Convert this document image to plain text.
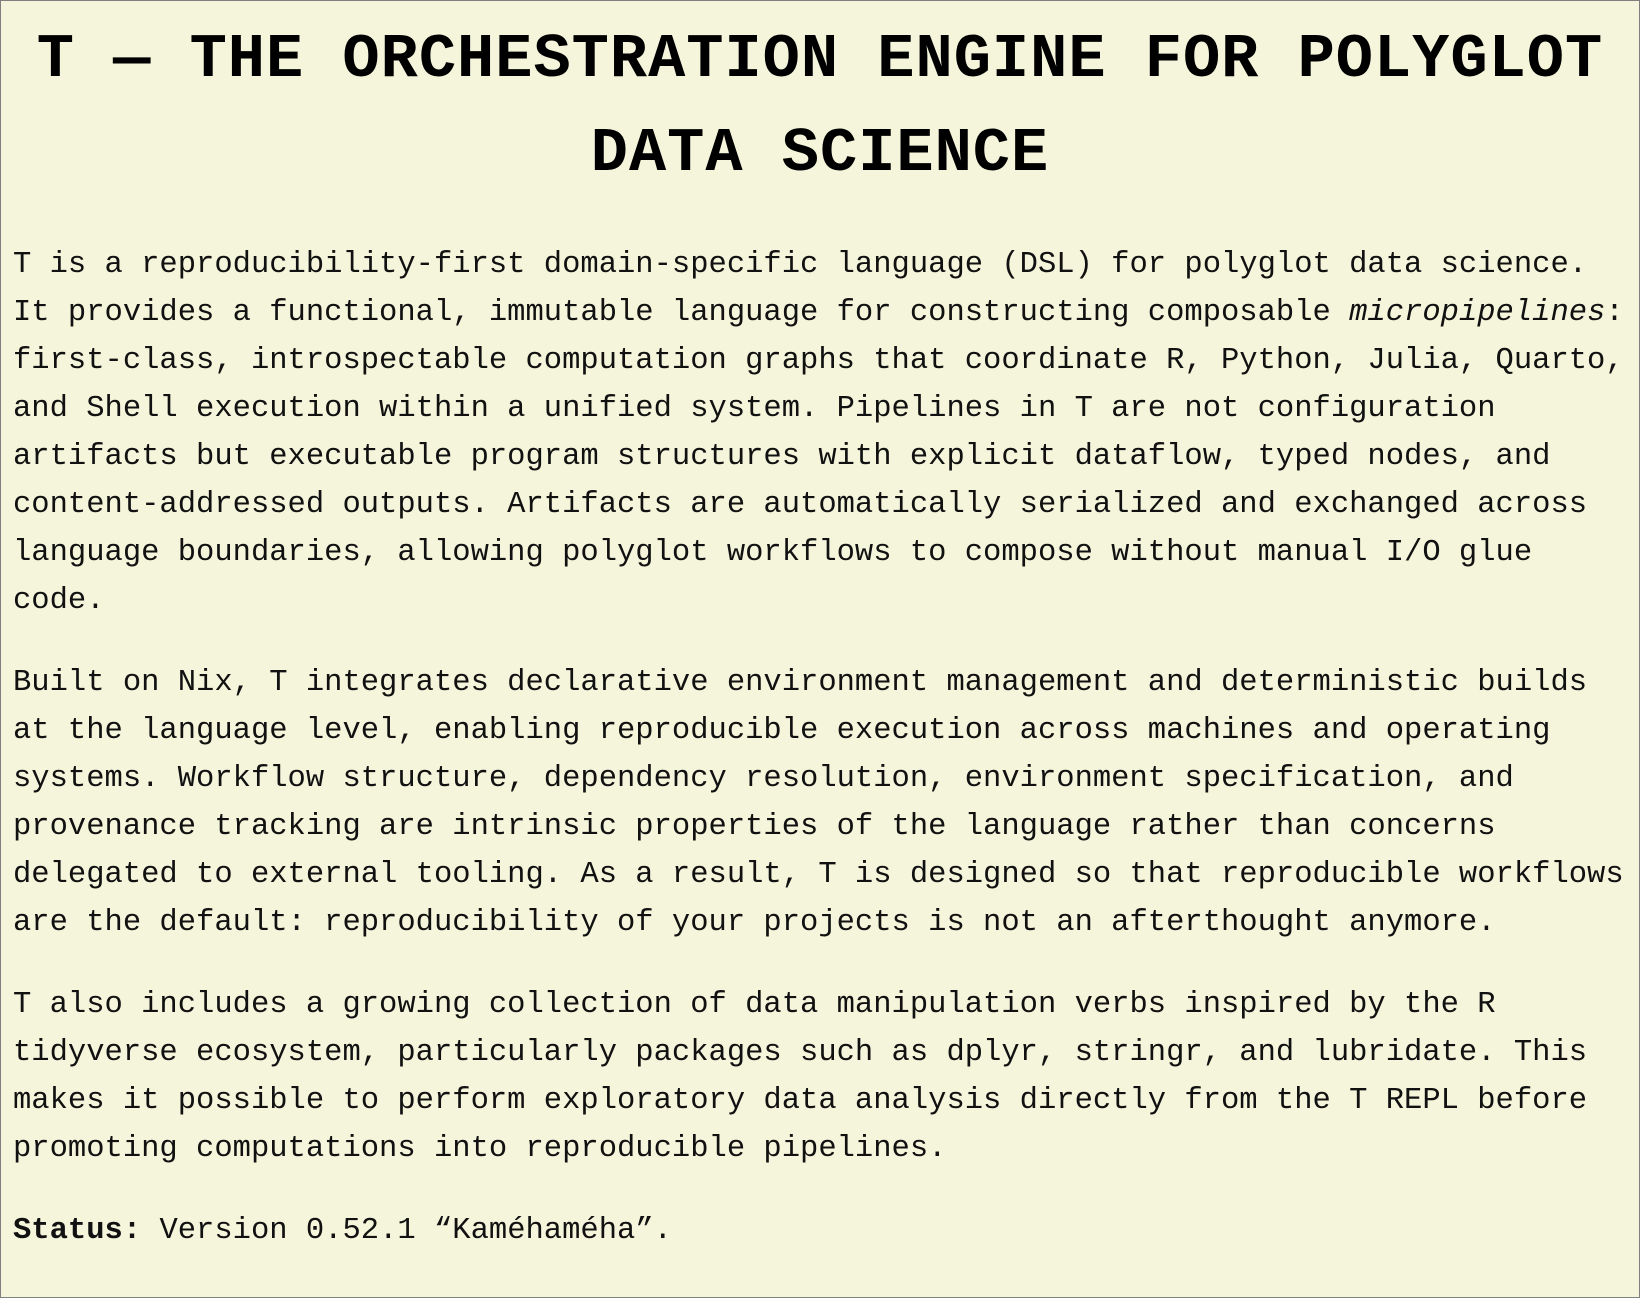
T — THE ORCHESTRATION ENGINE FOR POLYGLOT DATA SCIENCE

T is a reproducibility-first domain-specific language (DSL) for polyglot data science. It provides a functional, immutable language for constructing composable micropipelines: first-class, introspectable computation graphs that coordinate R, Python, Julia, Quarto, and Shell execution within a unified system. Pipelines in T are not configuration artifacts but executable program structures with explicit dataflow, typed nodes, and content-addressed outputs. Artifacts are automatically serialized and exchanged across language boundaries, allowing polyglot workflows to compose without manual I/O glue code.

Built on Nix, T integrates declarative environment management and deterministic builds at the language level, enabling reproducible execution across machines and operating systems. Workflow structure, dependency resolution, environment specification, and provenance tracking are intrinsic properties of the language rather than concerns delegated to external tooling. As a result, T is designed so that reproducible workflows are the default: reproducibility of your projects is not an afterthought anymore.

T also includes a growing collection of data manipulation verbs inspired by the R tidyverse ecosystem, particularly packages such as dplyr, stringr, and lubridate. This makes it possible to perform exploratory data analysis directly from the T REPL before promoting computations into reproducible pipelines.

Status: Version 0.52.1 “Kaméhaméha”.
